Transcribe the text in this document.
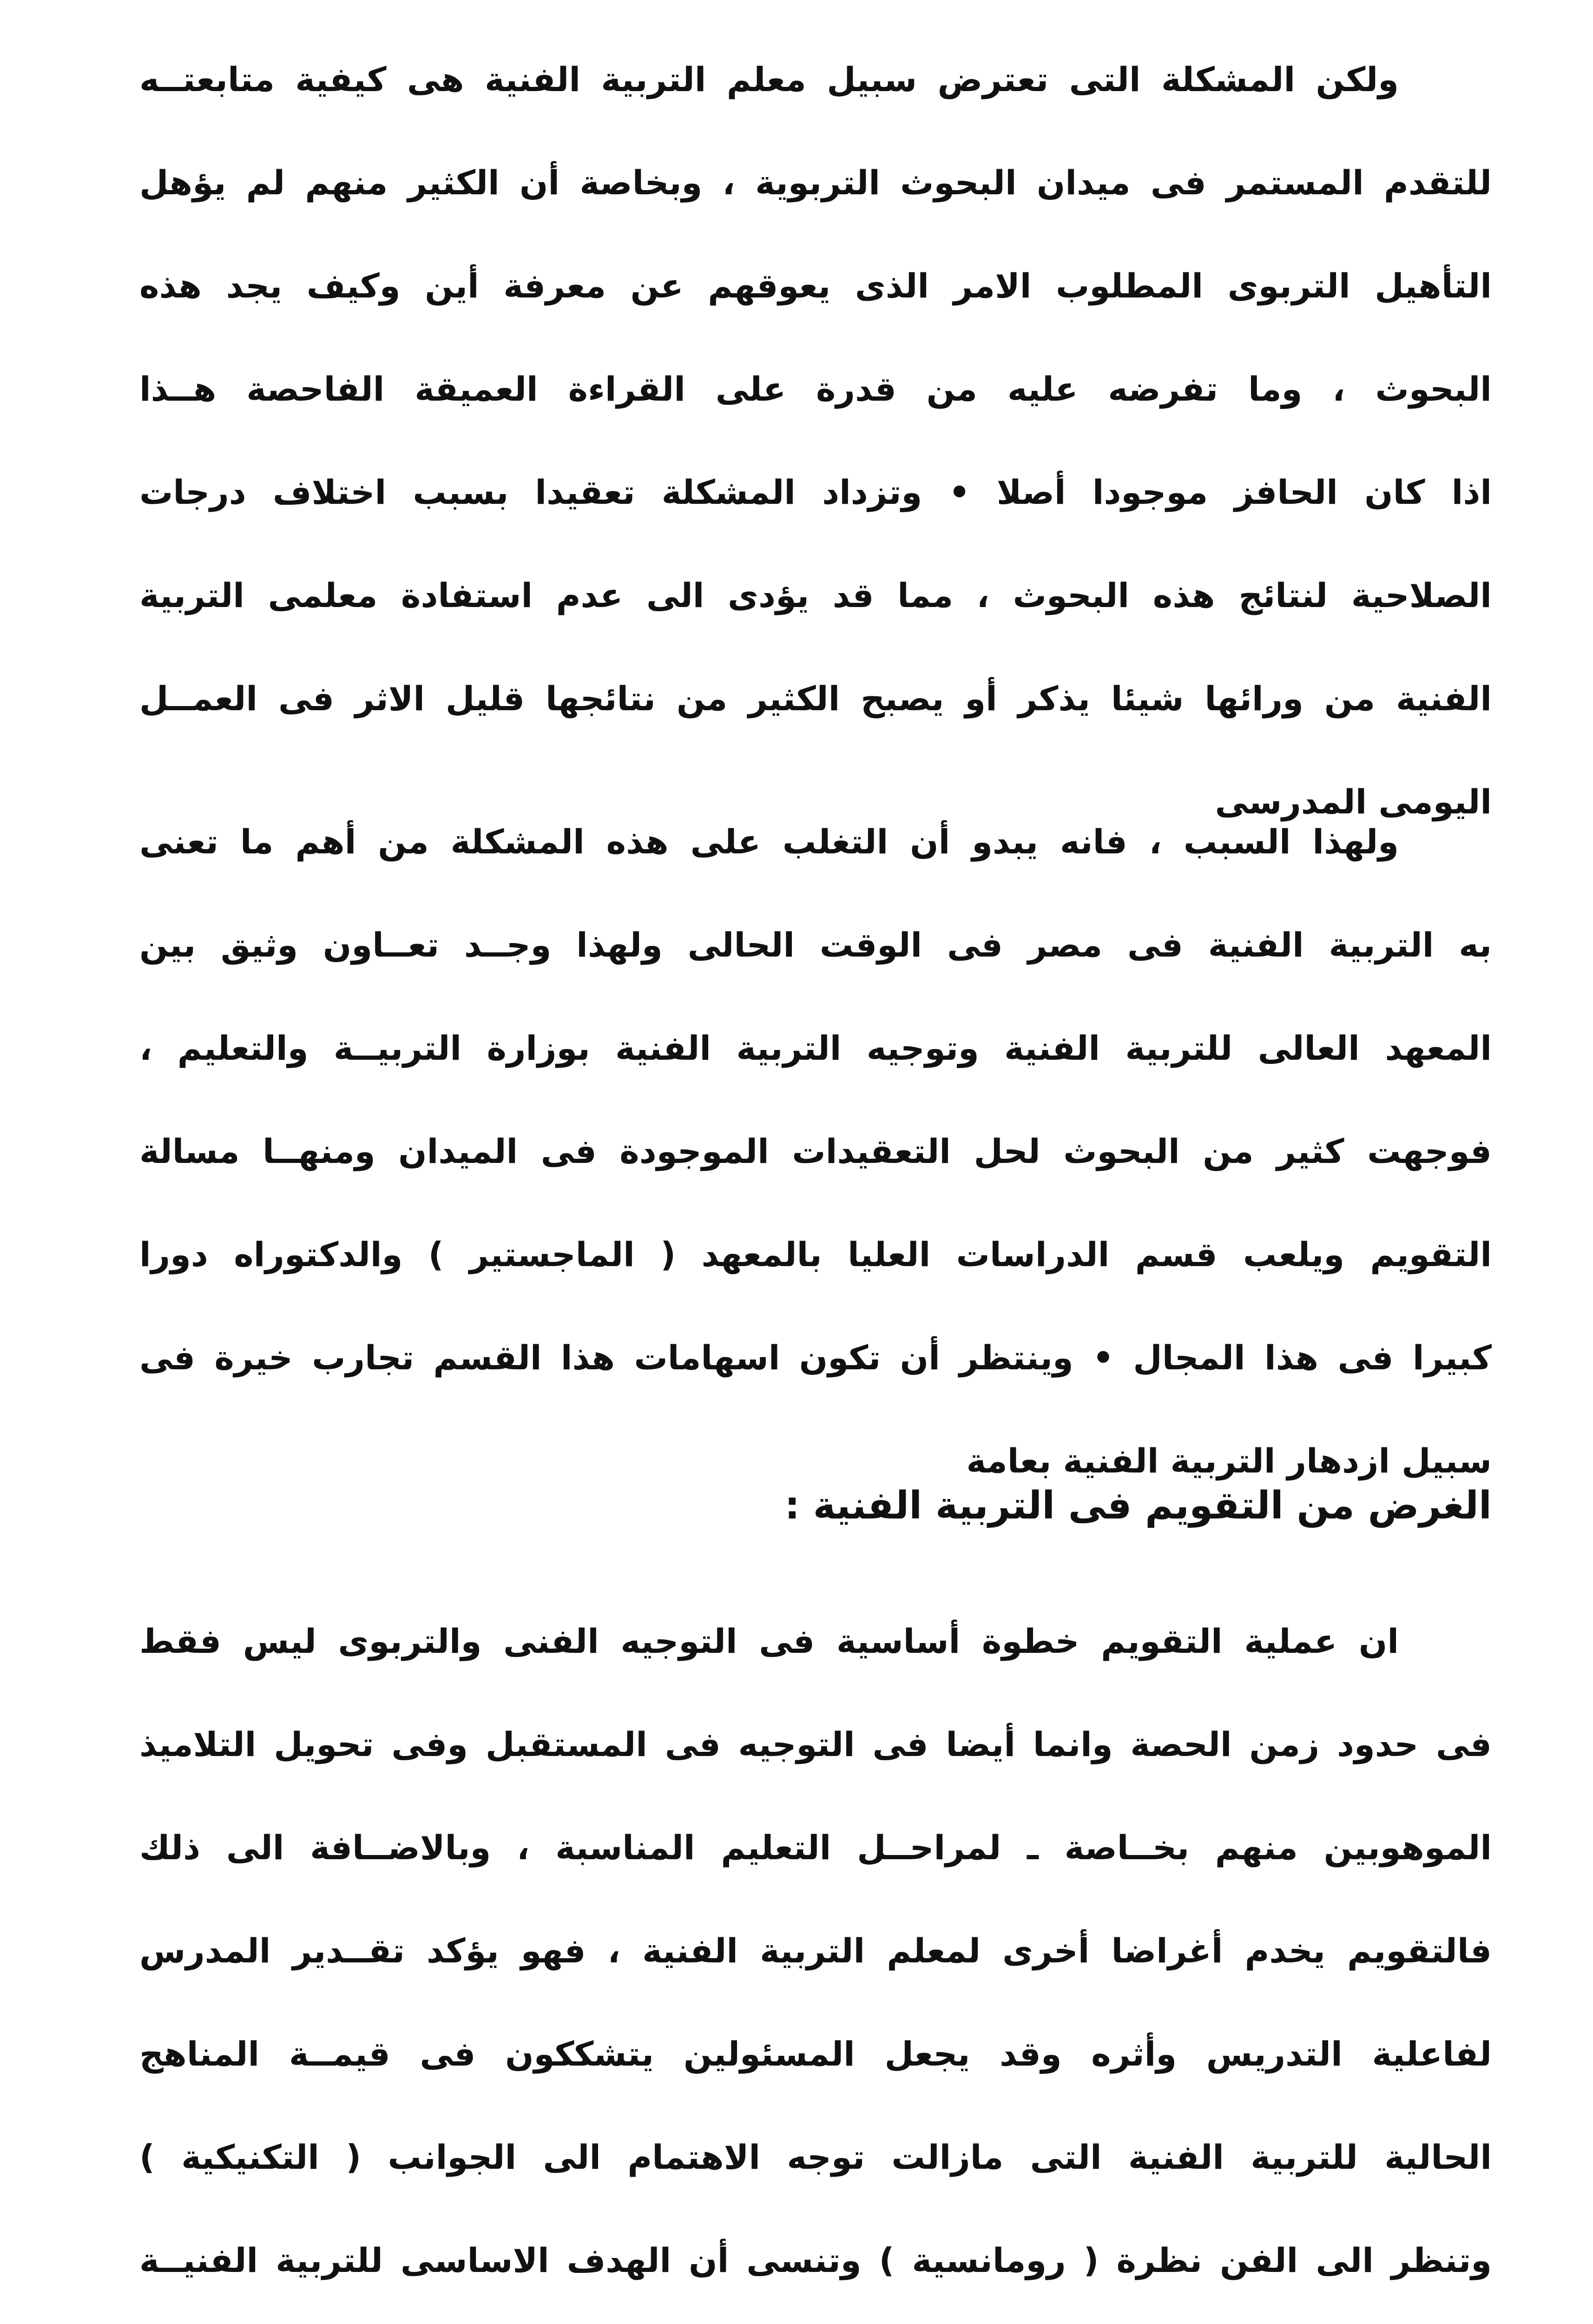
ولكن المشكلة التى تعترض سبيل معلم التربية الفنية هى كيفية متابعتــه
للتقدم المستمر فى ميدان البحوث التربوية ، وبخاصة أن الكثير منهم لم يؤهل
التأهيل التربوى المطلوب الامر الذى يعوقهم عن معرفة أين وكيف يجد هذه
البحوث ، وما تفرضه عليه من قدرة على القراءة العميقة الفاحصة هــذا
اذا كان الحافز موجودا أصلا • وتزداد المشكلة تعقيدا بسبب اختلاف درجات
الصلاحية لنتائج هذه البحوث ، مما قد يؤدى الى عدم استفادة معلمى التربية
الفنية من ورائها شيئا يذكر أو يصبح الكثير من نتائجها قليل الاثر فى العمــل
اليومى المدرسى
ولهذا السبب ، فانه يبدو أن التغلب على هذه المشكلة من أهم ما تعنى
به التربية الفنية فى مصر فى الوقت الحالى ولهذا وجــد تعــاون وثيق بين
المعهد العالى للتربية الفنية وتوجيه التربية الفنية بوزارة التربيــة والتعليم ،
فوجهت كثير من البحوث لحل التعقيدات الموجودة فى الميدان ومنهــا مسالة
التقويم ويلعب قسم الدراسات العليا بالمعهد ( الماجستير ) والدكتوراه دورا
كبيرا فى هذا المجال • وينتظر أن تكون اسهامات هذا القسم تجارب خيرة فى
سبيل ازدهار التربية الفنية بعامة
الغرض من التقويم فى التربية الفنية :
ان عملية التقويم خطوة أساسية فى التوجيه الفنى والتربوى ليس فقط
فى حدود زمن الحصة وانما أيضا فى التوجيه فى المستقبل وفى تحويل التلاميذ
الموهوبين منهم بخــاصة ـ لمراحــل التعليم المناسبة ، وبالاضــافة الى ذلك
فالتقويم يخدم أغراضا أخرى لمعلم التربية الفنية ، فهو يؤكد تقــدير المدرس
لفاعلية التدريس وأثره وقد يجعل المسئولين يتشككون فى قيمــة المناهج
الحالية للتربية الفنية التى مازالت توجه الاهتمام الى الجوانب ( التكنيكية )
وتنظر الى الفن نظرة ( رومانسية ) وتنسى أن الهدف الاساسى للتربية الفنيــة
